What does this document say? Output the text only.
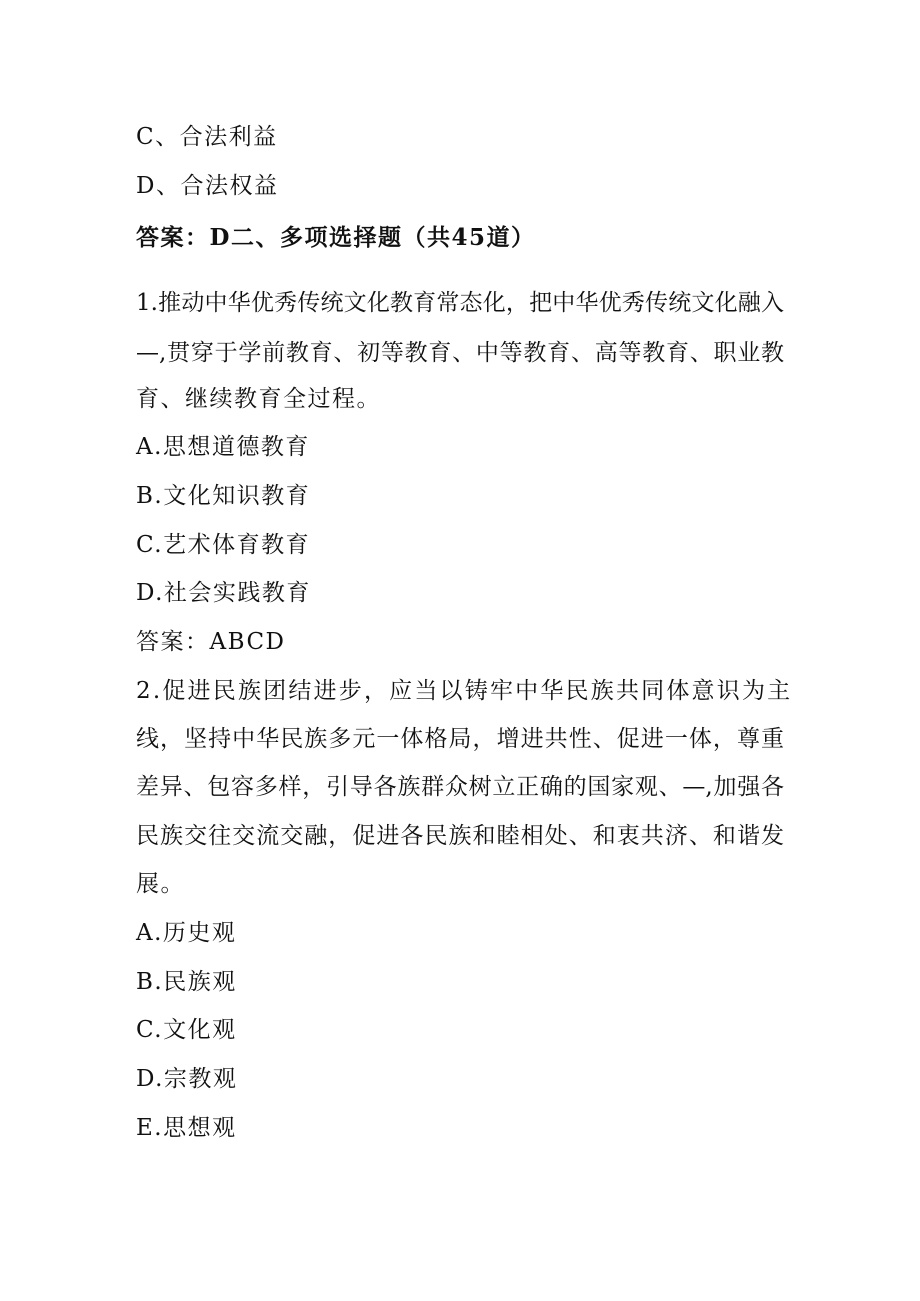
C、合法利益
D、合法权益
答案：D二、多项选择题（共45道）
1.推动中华优秀传统文化教育常态化，把中华优秀传统文化融入
—,贯穿于学前教育、初等教育、中等教育、高等教育、职业教
育、继续教育全过程。
A.思想道德教育
B.文化知识教育
C.艺术体育教育
D.社会实践教育
答案：ABCD
2.促进民族团结进步，应当以铸牢中华民族共同体意识为主
线，坚持中华民族多元一体格局，增进共性、促进一体，尊重
差异、包容多样，引导各族群众树立正确的国家观、—,加强各
民族交往交流交融，促进各民族和睦相处、和衷共济、和谐发
展。
A.历史观
B.民族观
C.文化观
D.宗教观
E.思想观
